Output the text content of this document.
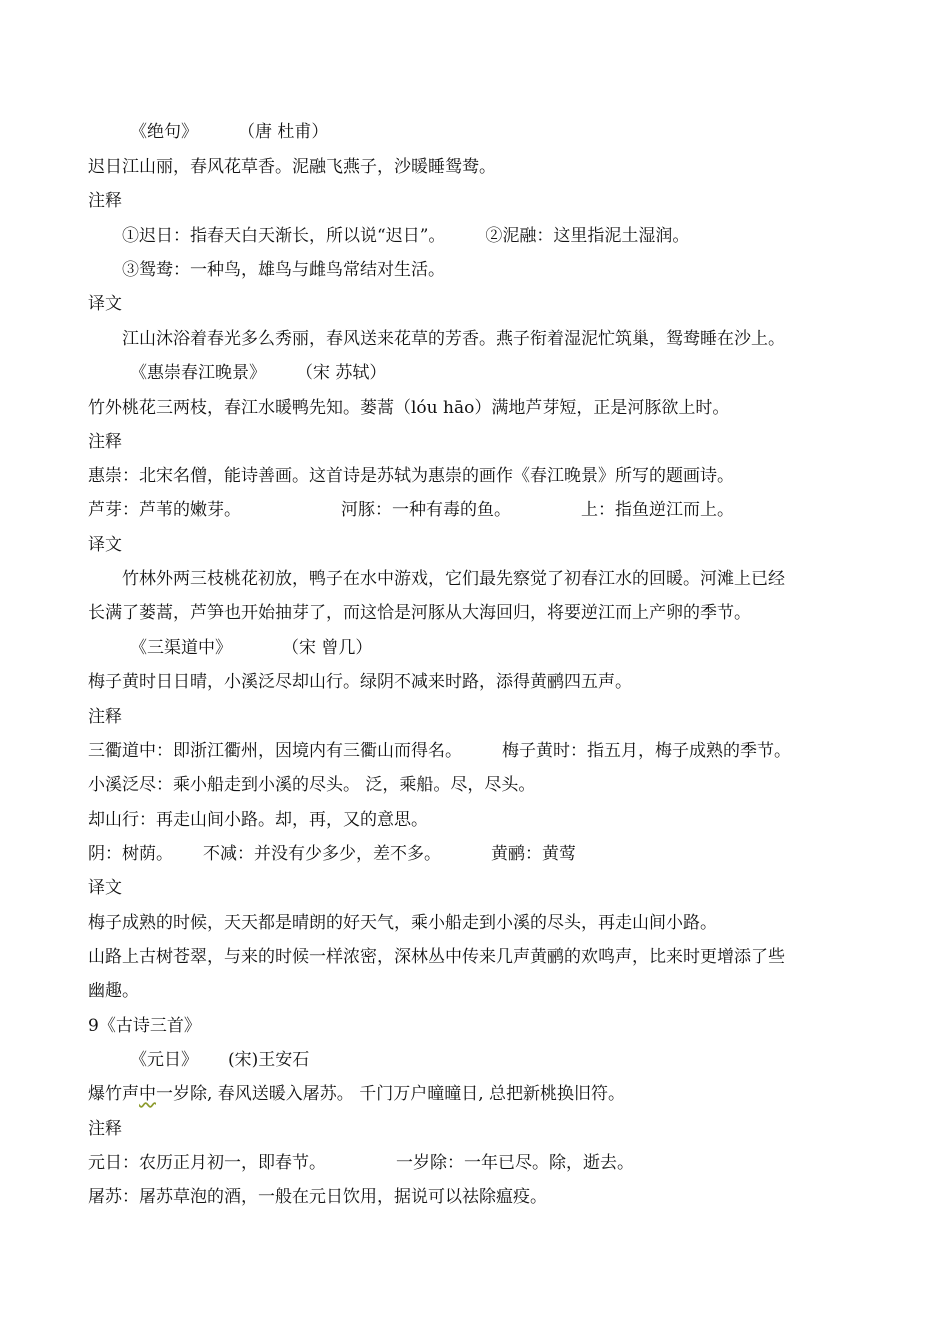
《绝句》 （唐 杜甫）
迟日江山丽，春风花草香。泥融飞燕子，沙暖睡鸳鸯。
注释
①迟日：指春天白天渐长，所以说“迟日”。 ②泥融：这里指泥土湿润。
③鸳鸯：一种鸟，雄鸟与雌鸟常结对生活。
译文
江山沐浴着春光多么秀丽，春风送来花草的芳香。燕子衔着湿泥忙筑巢，鸳鸯睡在沙上。
《惠崇春江晚景》 （宋 苏轼）
竹外桃花三两枝，春江水暖鸭先知。蒌蒿（lóu hāo）满地芦芽短，正是河豚欲上时。
注释
惠崇：北宋名僧，能诗善画。这首诗是苏轼为惠崇的画作《春江晚景》所写的题画诗。
芦芽：芦苇的嫩芽。	河豚：一种有毒的鱼。	上：指鱼逆江而上。
译文
竹林外两三枝桃花初放，鸭子在水中游戏，它们最先察觉了初春江水的回暖。河滩上已经
长满了蒌蒿，芦笋也开始抽芽了，而这恰是河豚从大海回归，将要逆江而上产卵的季节。
《三渠道中》	（宋 曾几）
梅子黄时日日晴，小溪泛尽却山行。绿阴不减来时路，添得黄鹂四五声。
注释
三衢道中：即浙江衢州，因境内有三衢山而得名。 梅子黄时：指五月，梅子成熟的季节。
小溪泛尽：乘小船走到小溪的尽头。 泛，乘船。尽，尽头。
却山行：再走山间小路。却，再，又的意思。
阴：树荫。 不减：并没有少多少，差不多。	黄鹂：黄莺
译文
梅子成熟的时候，天天都是晴朗的好天气，乘小船走到小溪的尽头，再走山间小路。
山路上古树苍翠，与来的时候一样浓密，深林丛中传来几声黄鹂的欢鸣声，比来时更增添了些
幽趣。
9《古诗三首》
《元日》 (宋)王安石
爆竹声中一岁除, 春风送暖入屠苏。 千门万户曈曈日, 总把新桃换旧符。
注释
元日：农历正月初一，即春节。	一岁除：一年已尽。除，逝去。
屠苏：屠苏草泡的酒，一般在元日饮用，据说可以祛除瘟疫。
